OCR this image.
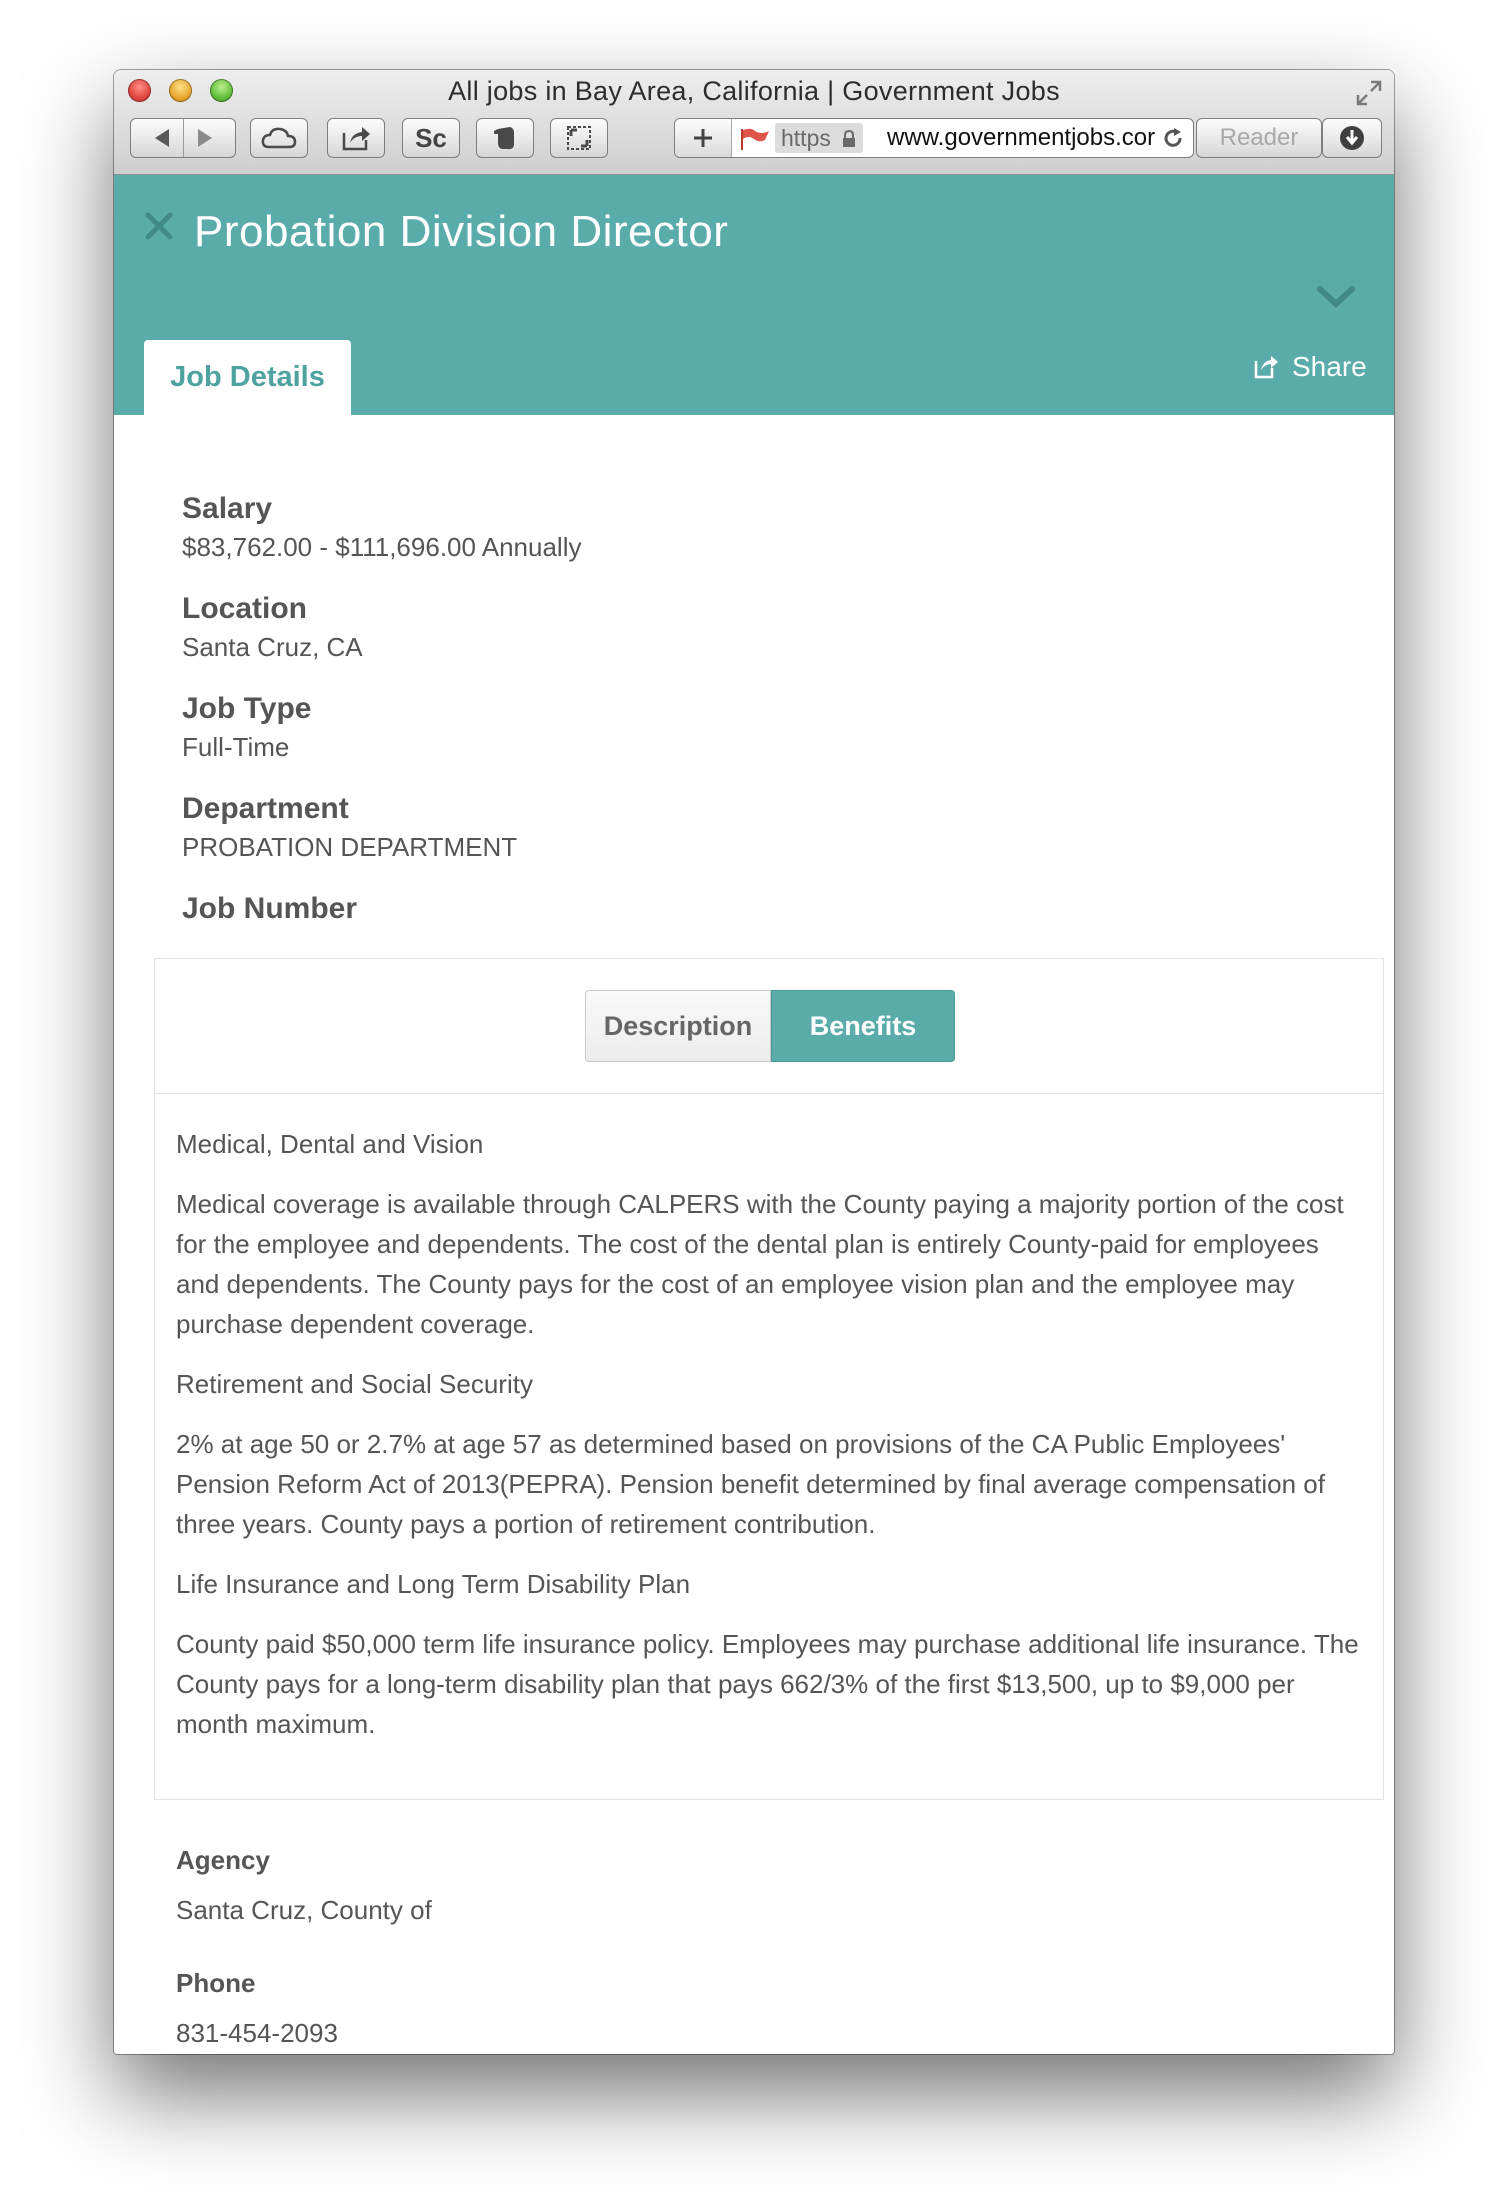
All jobs in Bay Area, California | Government Jobs
Sc	https	www.governmentjobs.cor	Reader
Probation Division Director
Job Details	Share
Salary
$83,762.00 - $111,696.00 Annually
Location
Santa Cruz, CA
Job Type
Full-Time
Department
PROBATION DEPARTMENT
Job Number
Description	Benefits

Medical, Dental and Vision

Medical coverage is available through CALPERS with the County paying a majority portion of the cost for the employee and dependents. The cost of the dental plan is entirely County-paid for employees and dependents. The County pays for the cost of an employee vision plan and the employee may purchase dependent coverage.

Retirement and Social Security

2% at age 50 or 2.7% at age 57 as determined based on provisions of the CA Public Employees' Pension Reform Act of 2013(PEPRA). Pension benefit determined by final average compensation of three years. County pays a portion of retirement contribution.

Life Insurance and Long Term Disability Plan

County paid $50,000 term life insurance policy. Employees may purchase additional life insurance. The County pays for a long-term disability plan that pays 662/3% of the first $13,500, up to $9,000 per month maximum.

Agency
Santa Cruz, County of
Phone
831-454-2093
